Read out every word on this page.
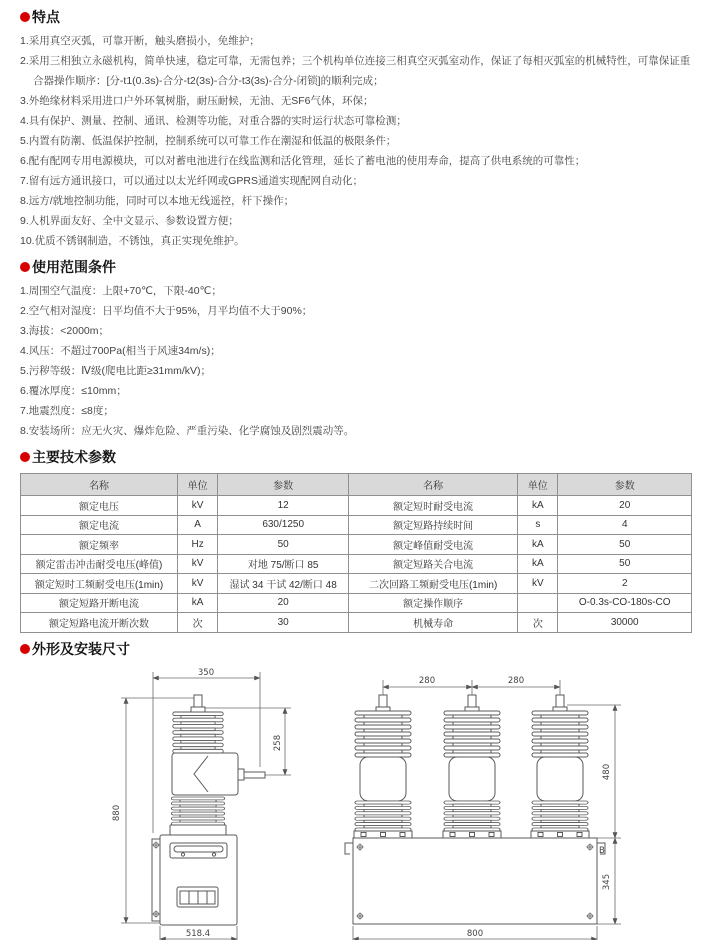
特点
1.采用真空灭弧，可靠开断，触头磨损小，免维护；
2.采用三相独立永磁机构，简单快速，稳定可靠，无需包养；三个机构单位连接三相真空灭弧室动作，保证了每相灭弧室的机械特性，可靠保证重合器操作顺序：[分-t1(0.3s)-合分-t2(3s)-合分-t3(3s)-合分-闭锁]的顺利完成；
3.外绝缘材料采用进口户外环氧树脂，耐压耐候，无油、无SF6气体，环保；
4.具有保护、测量、控制、通讯、检测等功能，对重合器的实时运行状态可靠检测；
5.内置有防潮、低温保护控制，控制系统可以可靠工作在潮湿和低温的极限条件；
6.配有配网专用电源模块，可以对蓄电池进行在线监测和活化管理，延长了蓄电池的使用寿命，提高了供电系统的可靠性；
7.留有远方通讯接口，可以通过以太光纤网或GPRS通道实现配网自动化；
8.远方/就地控制功能，同时可以本地无线遥控，杆下操作；
9.人机界面友好、全中文显示、参数设置方便；
10.优质不锈钢制造，不锈蚀，真正实现免维护。
使用范围条件
1.周围空气温度：上限+70℃，下限-40℃；
2.空气相对湿度：日平均值不大于95%，月平均值不大于90%；
3.海拔：<2000m；
4.风压：不超过700Pa(相当于风速34m/s)；
5.污秽等级：Ⅳ级(爬电比距≥31mm/kV)；
6.覆冰厚度：≤10mm；
7.地震烈度：≤8度；
8.安装场所：应无火灾、爆炸危险、严重污染、化学腐蚀及剧烈震动等。
主要技术参数
名称	单位	参数	名称	单位	参数
额定电压	kV	12	额定短时耐受电流	kA	20
额定电流	A	630/1250	额定短路持续时间	s	4
额定频率	Hz	50	额定峰值耐受电流	kA	50
额定雷击冲击耐受电压(峰值)	kV	对地 75/断口 85	额定短路关合电流	kA	50
额定短时工频耐受电压(1min)	kV	湿试 34 干试 42/断口 48	二次回路工频耐受电压(1min)	kV	2
额定短路开断电流	kA	20	额定操作顺序		O-0.3s-CO-180s-CO
额定短路电流开断次数	次	30	机械寿命	次	30000
外形及安装尺寸
350
880
258
518.4
280	280
480
345
800
B
